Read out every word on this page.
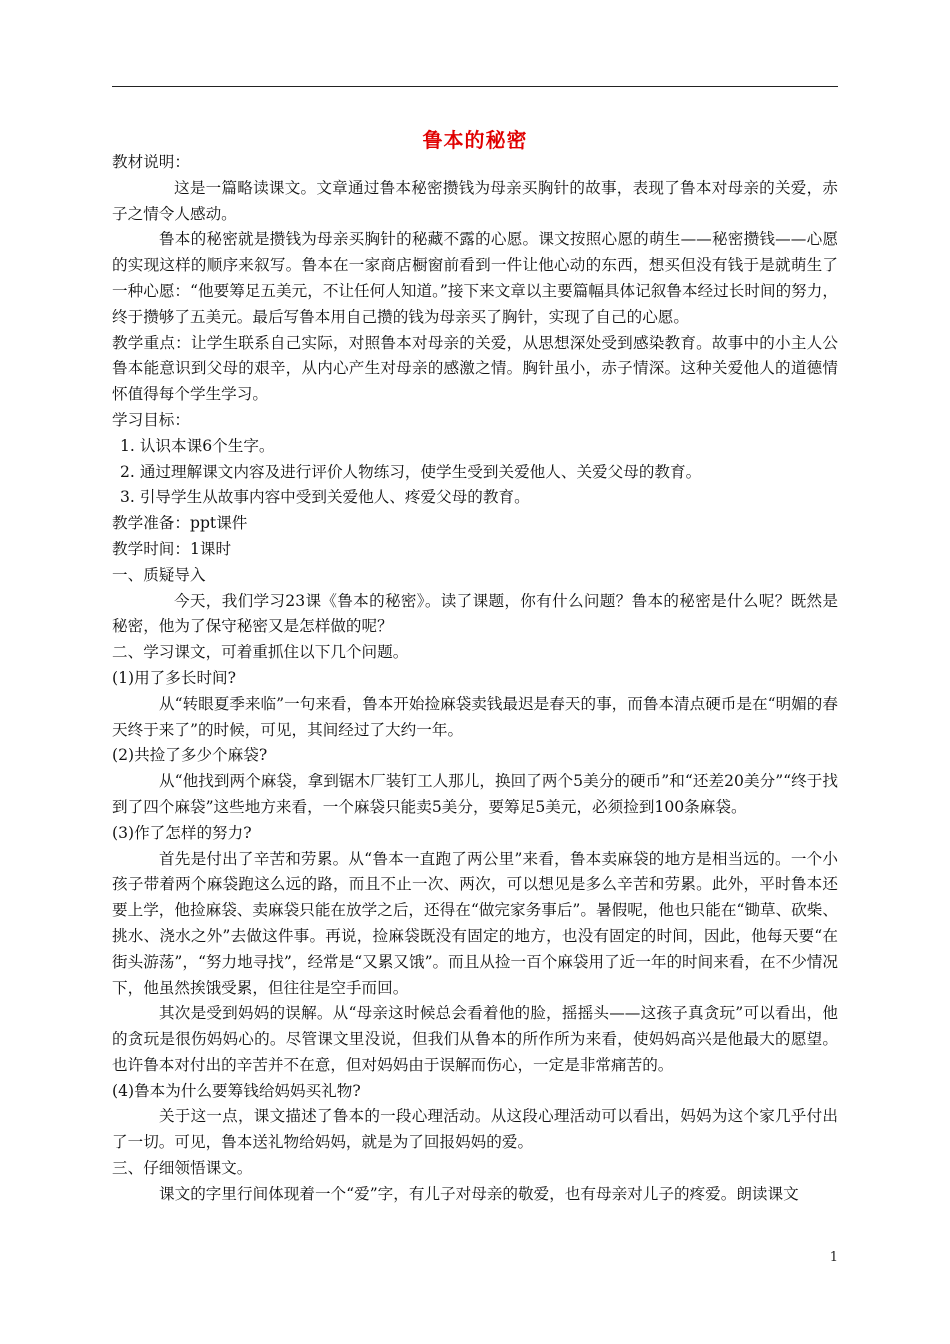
鲁本的秘密

教材说明：

这是一篇略读课文。文章通过鲁本秘密攒钱为母亲买胸针的故事，表现了鲁本对母亲的关爱，赤子之情令人感动。

鲁本的秘密就是攒钱为母亲买胸针的秘藏不露的心愿。课文按照心愿的萌生——秘密攒钱——心愿的实现这样的顺序来叙写。鲁本在一家商店橱窗前看到一件让他心动的东西，想买但没有钱于是就萌生了一种心愿：“他要筹足五美元，不让任何人知道。”接下来文章以主要篇幅具体记叙鲁本经过长时间的努力，终于攒够了五美元。最后写鲁本用自己攒的钱为母亲买了胸针，实现了自己的心愿。

教学重点：让学生联系自己实际，对照鲁本对母亲的关爱，从思想深处受到感染教育。故事中的小主人公鲁本能意识到父母的艰辛，从内心产生对母亲的感激之情。胸针虽小，赤子情深。这种关爱他人的道德情怀值得每个学生学习。

学习目标：

1. 认识本课6个生字。

2. 通过理解课文内容及进行评价人物练习，使学生受到关爱他人、关爱父母的教育。

3. 引导学生从故事内容中受到关爱他人、疼爱父母的教育。

教学准备：ppt课件

教学时间：1课时

一、质疑导入

今天，我们学习23课《鲁本的秘密》。读了课题，你有什么问题？鲁本的秘密是什么呢？既然是秘密，他为了保守秘密又是怎样做的呢？

二、学习课文，可着重抓住以下几个问题。

(1)用了多长时间?

从“转眼夏季来临”一句来看，鲁本开始捡麻袋卖钱最迟是春天的事，而鲁本清点硬币是在“明媚的春天终于来了”的时候，可见，其间经过了大约一年。

(2)共捡了多少个麻袋?

从“他找到两个麻袋，拿到锯木厂装钉工人那儿，换回了两个5美分的硬币”和“还差20美分”“终于找到了四个麻袋”这些地方来看，一个麻袋只能卖5美分，要筹足5美元，必须捡到100条麻袋。

(3)作了怎样的努力?

首先是付出了辛苦和劳累。从“鲁本一直跑了两公里”来看，鲁本卖麻袋的地方是相当远的。一个小孩子带着两个麻袋跑这么远的路，而且不止一次、两次，可以想见是多么辛苦和劳累。此外，平时鲁本还要上学，他捡麻袋、卖麻袋只能在放学之后，还得在“做完家务事后”。暑假呢，他也只能在“锄草、砍柴、挑水、浇水之外”去做这件事。再说，捡麻袋既没有固定的地方，也没有固定的时间，因此，他每天要“在街头游荡”，“努力地寻找”，经常是“又累又饿”。而且从捡一百个麻袋用了近一年的时间来看，在不少情况下，他虽然挨饿受累，但往往是空手而回。

其次是受到妈妈的误解。从“母亲这时候总会看着他的脸，摇摇头——这孩子真贪玩”可以看出，他的贪玩是很伤妈妈心的。尽管课文里没说，但我们从鲁本的所作所为来看，使妈妈高兴是他最大的愿望。也许鲁本对付出的辛苦并不在意，但对妈妈由于误解而伤心，一定是非常痛苦的。

(4)鲁本为什么要筹钱给妈妈买礼物?

关于这一点，课文描述了鲁本的一段心理活动。从这段心理活动可以看出，妈妈为这个家几乎付出了一切。可见，鲁本送礼物给妈妈，就是为了回报妈妈的爱。

三、仔细领悟课文。

课文的字里行间体现着一个“爱”字，有儿子对母亲的敬爱，也有母亲对儿子的疼爱。朗读课文

1
